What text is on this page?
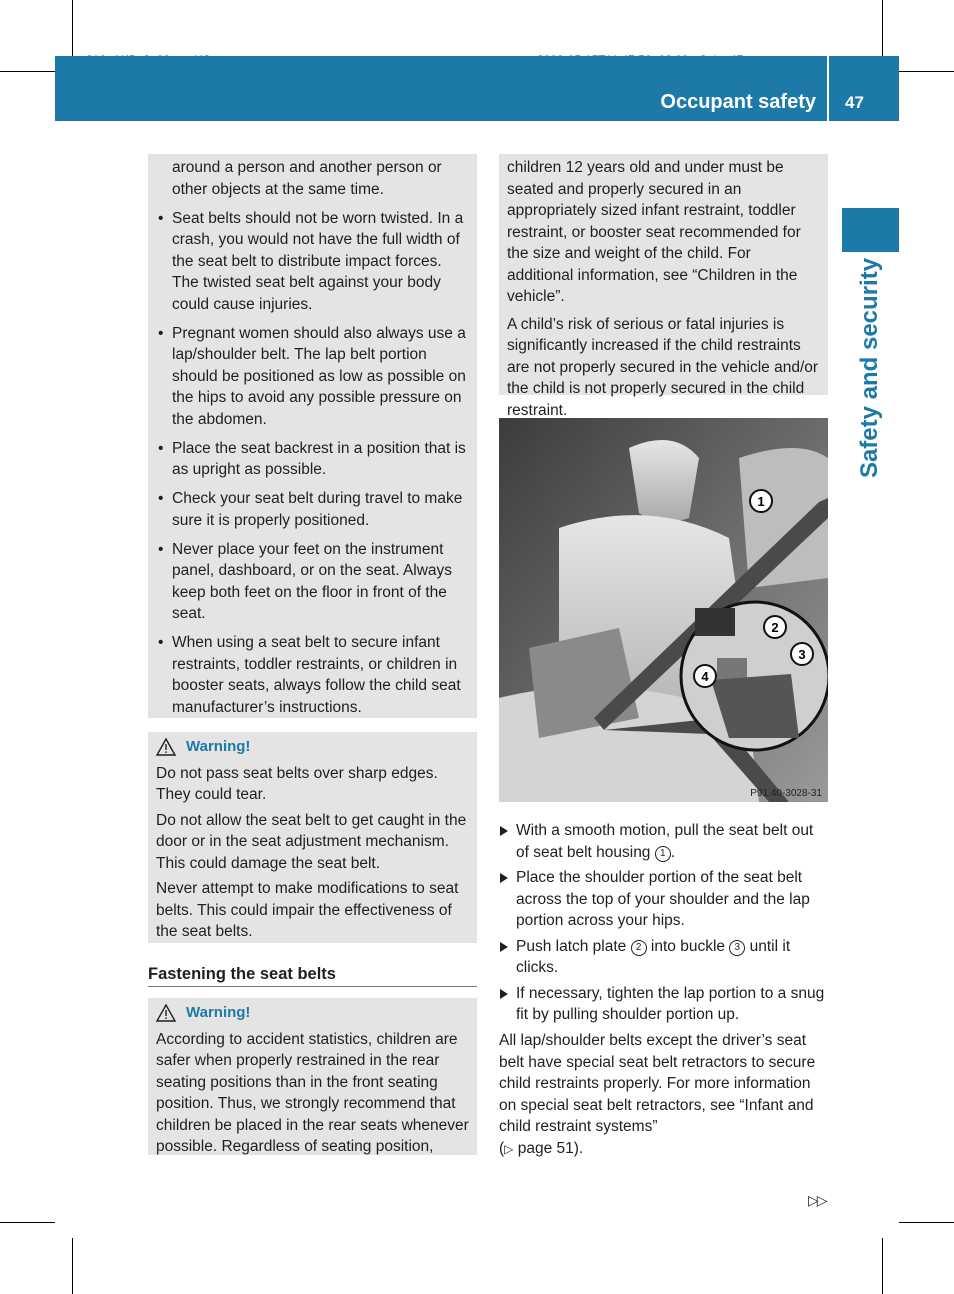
Occupant safety 47
Safety and security
around a person and another person or other objects at the same time.
• Seat belts should not be worn twisted. In a crash, you would not have the full width of the seat belt to distribute impact forces. The twisted seat belt against your body could cause injuries.
• Pregnant women should also always use a lap/shoulder belt. The lap belt portion should be positioned as low as possible on the hips to avoid any possible pressure on the abdomen.
• Place the seat backrest in a position that is as upright as possible.
• Check your seat belt during travel to make sure it is properly positioned.
• Never place your feet on the instrument panel, dashboard, or on the seat. Always keep both feet on the floor in front of the seat.
• When using a seat belt to secure infant restraints, toddler restraints, or children in booster seats, always follow the child seat manufacturer’s instructions.
Warning!
Do not pass seat belts over sharp edges. They could tear.
Do not allow the seat belt to get caught in the door or in the seat adjustment mechanism. This could damage the seat belt.
Never attempt to make modifications to seat belts. This could impair the effectiveness of the seat belts.
Fastening the seat belts
Warning!
According to accident statistics, children are safer when properly restrained in the rear seating positions than in the front seating position. Thus, we strongly recommend that children be placed in the rear seats whenever possible. Regardless of seating position,
children 12 years old and under must be seated and properly secured in an appropriately sized infant restraint, toddler restraint, or booster seat recommended for the size and weight of the child. For additional information, see “Children in the vehicle”.
A child’s risk of serious or fatal injuries is significantly increased if the child restraints are not properly secured in the vehicle and/or the child is not properly secured in the child restraint.
1
2
3
4
P91.40-3028-31
With a smooth motion, pull the seat belt out of seat belt housing 1 .
Place the shoulder portion of the seat belt across the top of your shoulder and the lap portion across your hips.
Push latch plate 2 into buckle 3 until it clicks.
If necessary, tighten the lap portion to a snug fit by pulling shoulder portion up.
All lap/shoulder belts except the driver’s seat belt have special seat belt retractors to secure child restraints properly. For more information on special seat belt retractors, see “Infant and child restraint systems”
(▷ page 51).
▷▷
